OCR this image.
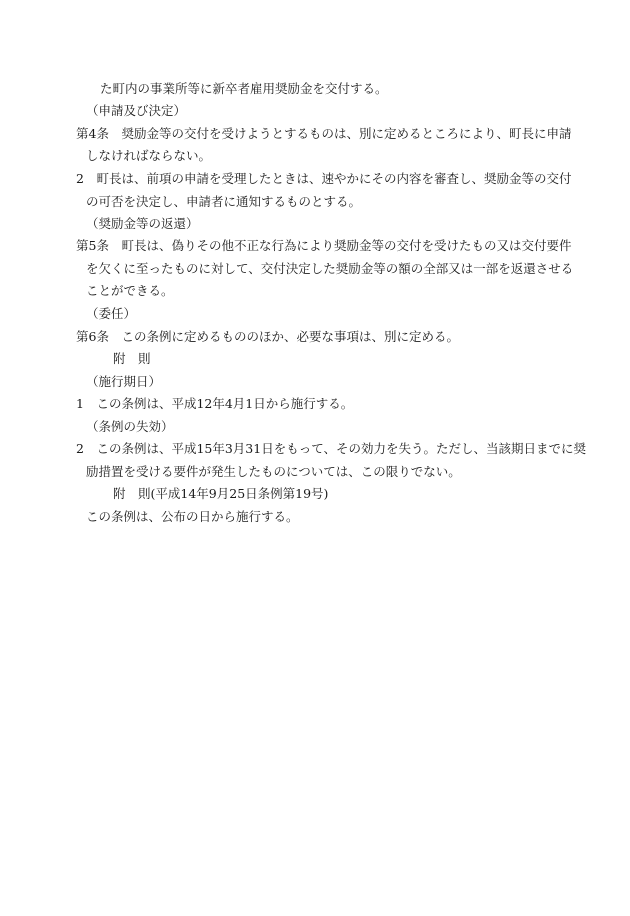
た町内の事業所等に新卒者雇用奨励金を交付する。
（申請及び決定）
第4条　奨励金等の交付を受けようとするものは、別に定めるところにより、町長に申請
しなければならない。
2　町長は、前項の申請を受理したときは、速やかにその内容を審査し、奨励金等の交付
の可否を決定し、申請者に通知するものとする。
（奨励金等の返還）
第5条　町長は、偽りその他不正な行為により奨励金等の交付を受けたもの又は交付要件
を欠くに至ったものに対して、交付決定した奨励金等の額の全部又は一部を返還させる
ことができる。
（委任）
第6条　この条例に定めるもののほか、必要な事項は、別に定める。
附　則
（施行期日）
1　この条例は、平成12年4月1日から施行する。
（条例の失効）
2　この条例は、平成15年3月31日をもって、その効力を失う。ただし、当該期日までに奨
励措置を受ける要件が発生したものについては、この限りでない。
附　則(平成14年9月25日条例第19号)
この条例は、公布の日から施行する。
